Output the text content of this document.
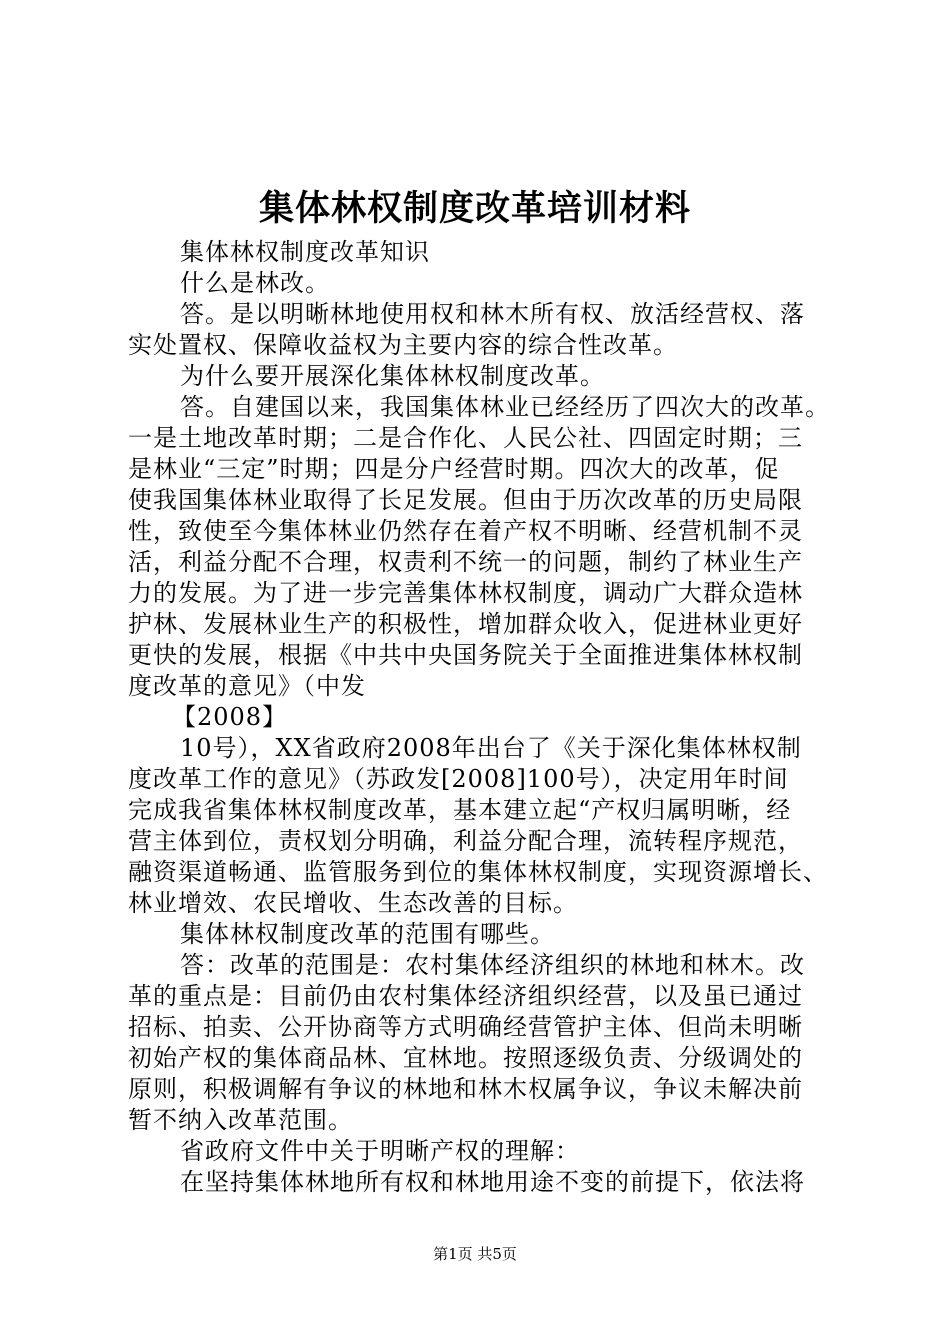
集体林权制度改革培训材料
集体林权制度改革知识
什么是林改。
答。是以明晰林地使用权和林木所有权、放活经营权、落
实处置权、保障收益权为主要内容的综合性改革。
为什么要开展深化集体林权制度改革。
答。自建国以来，我国集体林业已经经历了四次大的改革。
一是土地改革时期；二是合作化、人民公社、四固定时期；三
是林业“三定”时期；四是分户经营时期。四次大的改革，促
使我国集体林业取得了长足发展。但由于历次改革的历史局限
性，致使至今集体林业仍然存在着产权不明晰、经营机制不灵
活，利益分配不合理，权责利不统一的问题，制约了林业生产
力的发展。为了进一步完善集体林权制度，调动广大群众造林
护林、发展林业生产的积极性，增加群众收入，促进林业更好
更快的发展，根据《中共中央国务院关于全面推进集体林权制
度改革的意见》（中发
【2008】
10号），XX省政府2008年出台了《关于深化集体林权制
度改革工作的意见》（苏政发[2008]100号），决定用年时间
完成我省集体林权制度改革，基本建立起“产权归属明晰，经
营主体到位，责权划分明确，利益分配合理，流转程序规范，
融资渠道畅通、监管服务到位的集体林权制度，实现资源增长、
林业增效、农民增收、生态改善的目标。
集体林权制度改革的范围有哪些。
答：改革的范围是：农村集体经济组织的林地和林木。改
革的重点是：目前仍由农村集体经济组织经营，以及虽已通过
招标、拍卖、公开协商等方式明确经营管护主体、但尚未明晰
初始产权的集体商品林、宜林地。按照逐级负责、分级调处的
原则，积极调解有争议的林地和林木权属争议，争议未解决前
暂不纳入改革范围。
省政府文件中关于明晰产权的理解：
在坚持集体林地所有权和林地用途不变的前提下，依法将
第1页 共5页
